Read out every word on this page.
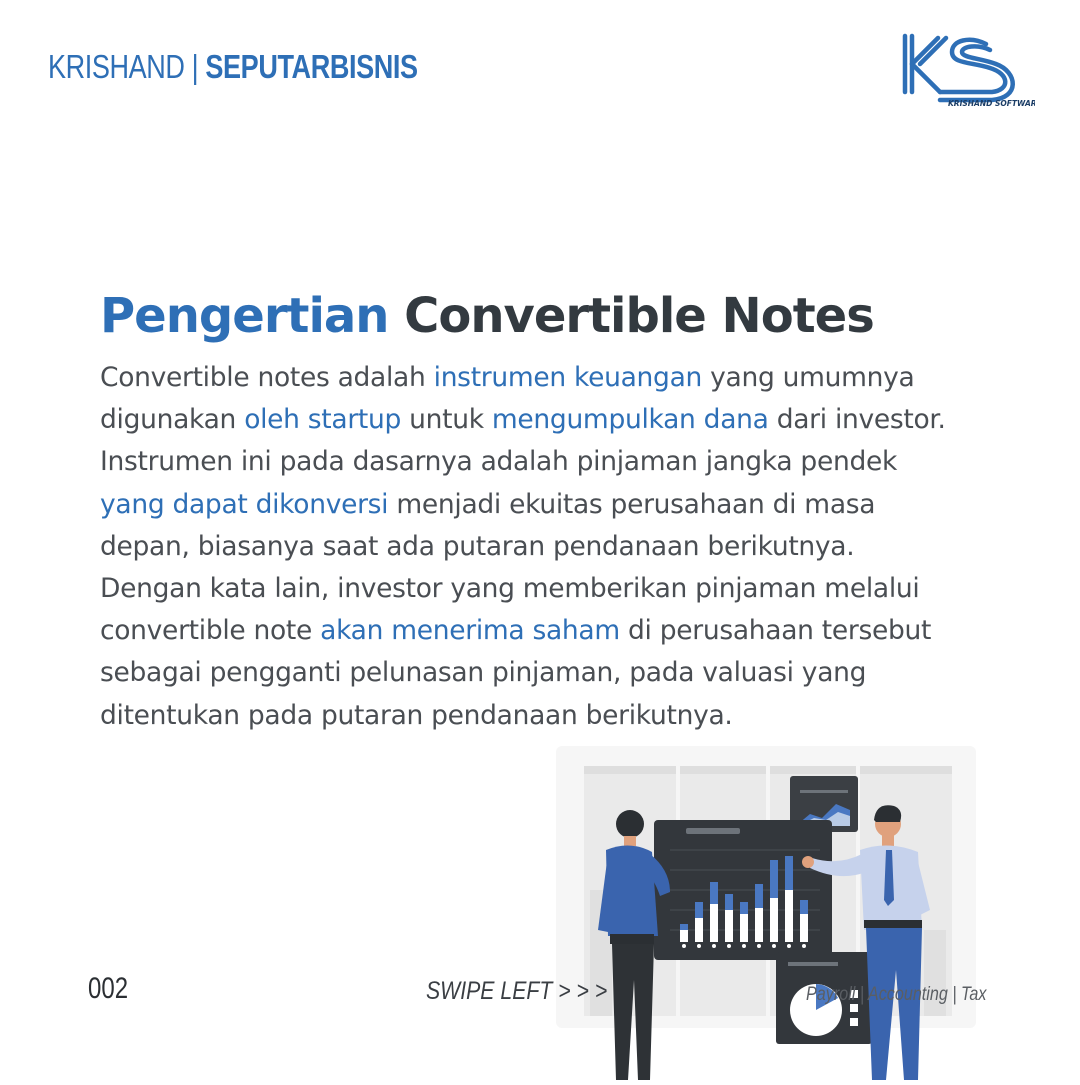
KRISHAND | SEPUTARBISNIS
KRISHAND SOFTWARE
Pengertian Convertible Notes
Convertible notes adalah instrumen keuangan yang umumnya
digunakan oleh startup untuk mengumpulkan dana dari investor.
Instrumen ini pada dasarnya adalah pinjaman jangka pendek
yang dapat dikonversi menjadi ekuitas perusahaan di masa
depan, biasanya saat ada putaran pendanaan berikutnya.
Dengan kata lain, investor yang memberikan pinjaman melalui
convertible note akan menerima saham di perusahaan tersebut
sebagai pengganti pelunasan pinjaman, pada valuasi yang
ditentukan pada putaran pendanaan berikutnya.
002	SWIPE LEFT > > >	Payroll | Accounting | Tax
